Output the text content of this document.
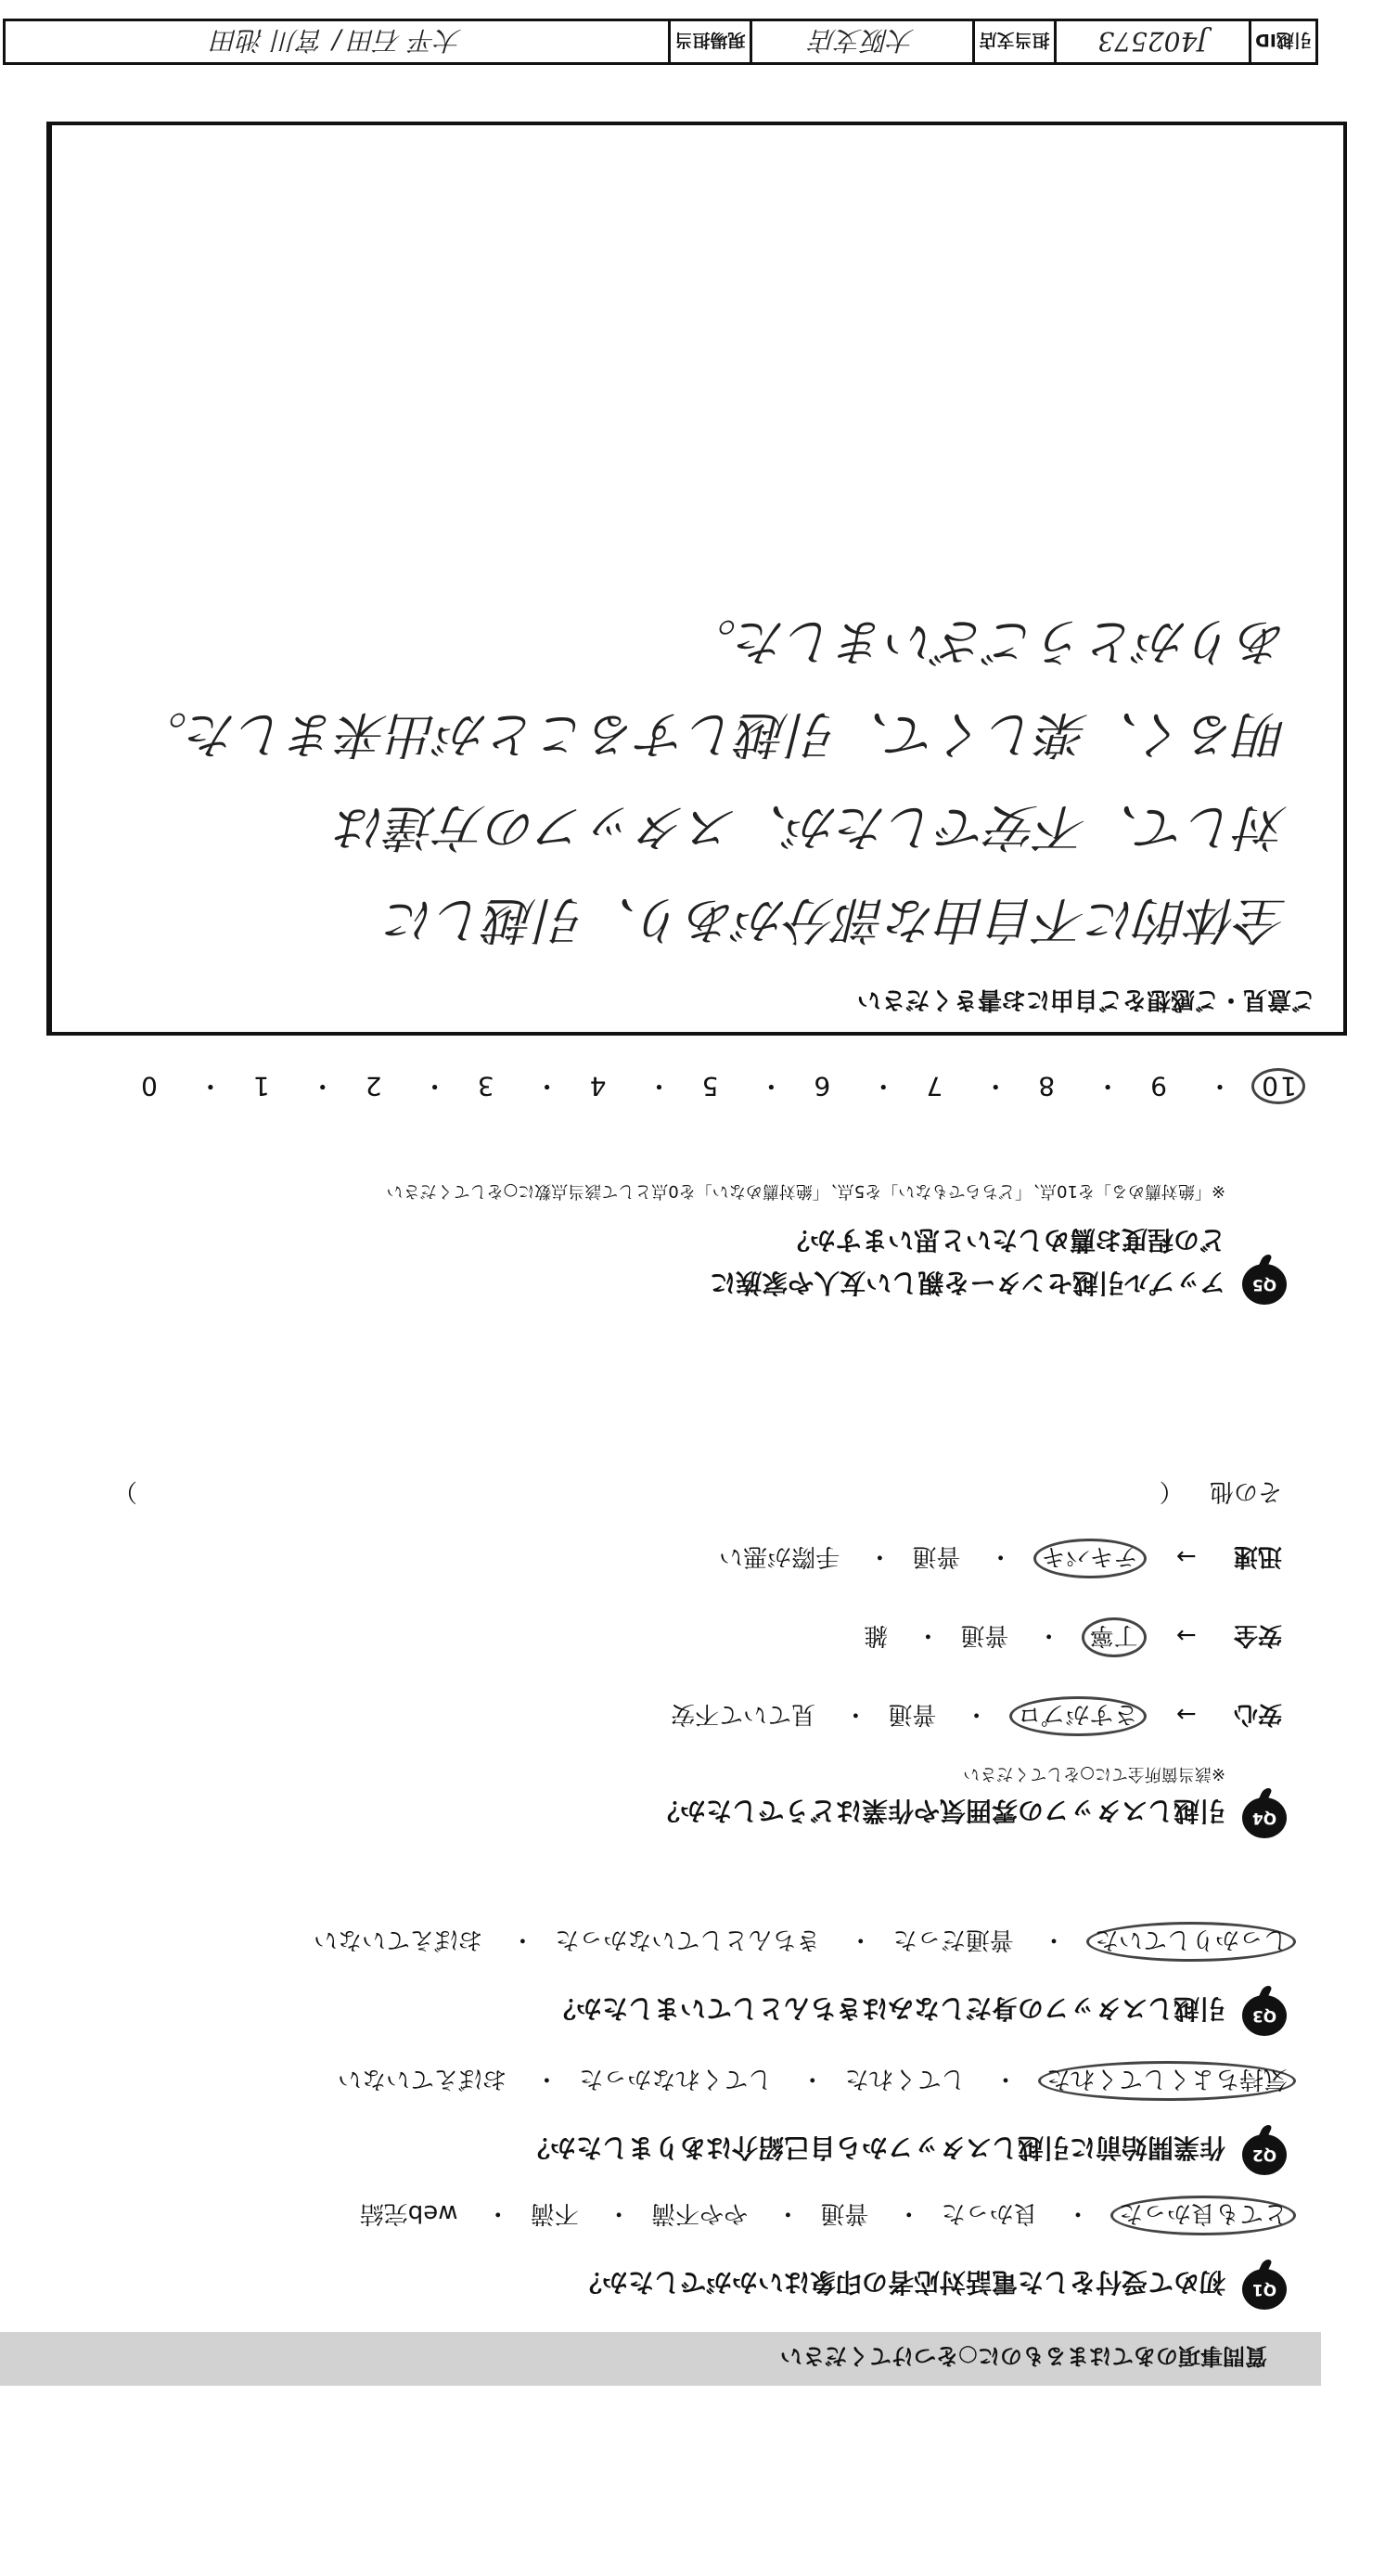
引越ID
J402573
担当支店
大阪支店
現場担当
大平 石田 / 宮川 池田
質問事項のあてはまるものに○をつけてください
Q1
初めて受付をした電話対応者の印象はいかがでしたか？
とても良かった・ 良かった・ 普通・ やや不満・ 不満・ web完結
Q2
作業開始前に引越しスタッフから自己紹介はありましたか？
気持ちよくしてくれた・ してくれた・ してくれなかった・ おぼえていない
Q3
引越しスタッフの身だしなみはきちんとしていましたか？
しっかりしていた・ 普通だった・ きちんとしていなかった・ おぼえていない
Q4
引越しスタッフの雰囲気や作業はどうでしたか？
※該当箇所全てに○をしてください
安心 → さすがプロ・ 普通・ 見ていて不安
安全 → 丁寧・ 普通・ 雑
迅速 → テキパキ・ 普通・ 手際が悪い
その他 （
）
Q5
アップル引越センターを親しい友人や家族に
どの程度お薦めしたいと思いますか？
※「絶対薦める」を10点、「どちらでもない」を5点、「絶対薦めない」を0点として該当点数に○をしてください
10・ 9・ 8・ 7・ 6・ 5・ 4・ 3・ 2・ 1・ 0
ご意見・ご感想をご自由にお書きください
全体的に不自由な部分があり、引越しに
対して、不安でしたが、スタッフの方達は
明るく、楽しくて、引越しすることが出来ました。
ありがとうございました。
